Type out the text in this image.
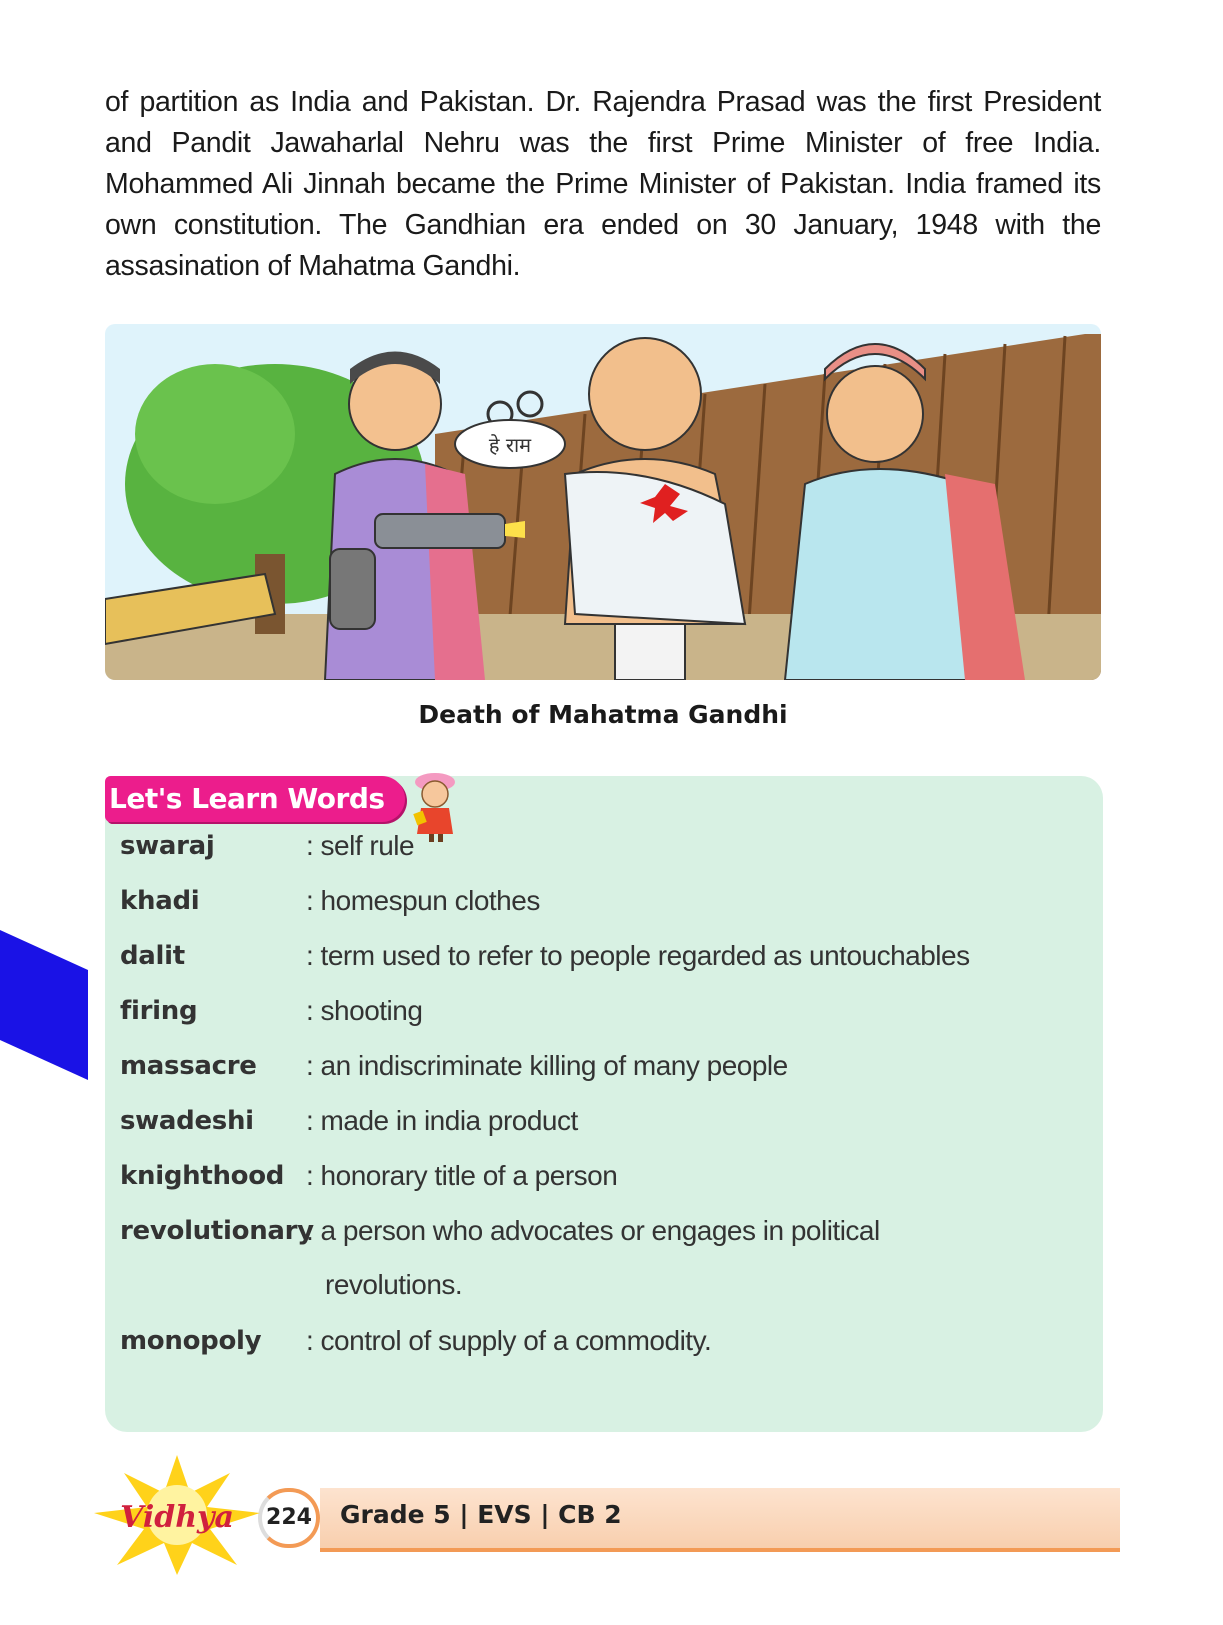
of partition as India and Pakistan. Dr. Rajendra Prasad was the first President and Pandit Jawaharlal Nehru was the first Prime Minister of free India. Mohammed Ali Jinnah became the Prime Minister of Pakistan. India framed its own constitution. The Gandhian era ended on 30 January, 1948 with the assasination of Mahatma Gandhi.

हे राम

Death of Mahatma Gandhi

Let's Learn Words
swaraj	: self rule
khadi	: homespun clothes
dalit	: term used to refer to people regarded as untouchables
firing	: shooting
massacre : an indiscriminate killing of many people
swadeshi : made in india product
knighthood : honorary title of a person
revolutionary
: a person who advocates or engages in political
revolutions.
monopoly : control of supply of a commodity.
224	Grade 5 | EVS | CB 2
Vidhya
